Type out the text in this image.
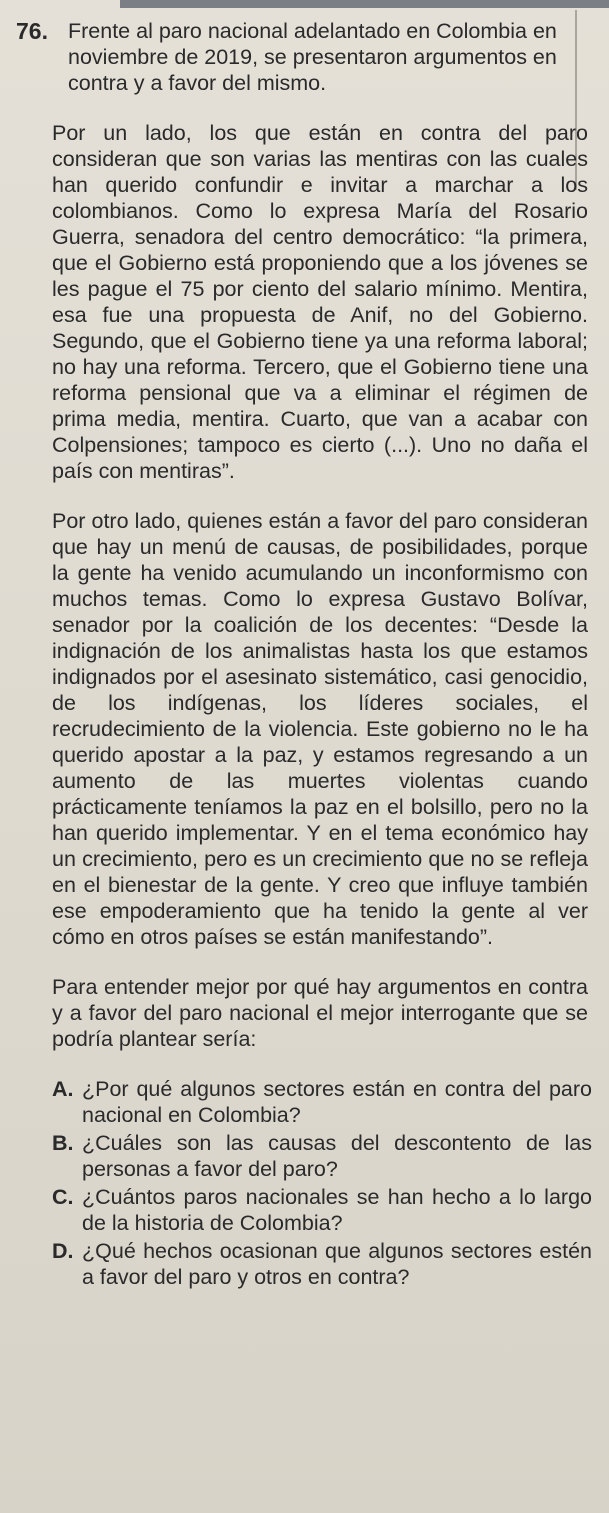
76. Frente al paro nacional adelantado en Colombia en noviembre de 2019, se presentaron argumentos en contra y a favor del mismo.

Por un lado, los que están en contra del paro consideran que son varias las mentiras con las cuales han querido confundir e invitar a marchar a los colombianos. Como lo expresa María del Rosario Guerra, senadora del centro democrático: “la primera, que el Gobierno está proponiendo que a los jóvenes se les pague el 75 por ciento del salario mínimo. Mentira, esa fue una propuesta de Anif, no del Gobierno. Segundo, que el Gobierno tiene ya una reforma laboral; no hay una reforma. Tercero, que el Gobierno tiene una reforma pensional que va a eliminar el régimen de prima media, mentira. Cuarto, que van a acabar con Colpensiones; tampoco es cierto (...). Uno no daña el país con mentiras”.

Por otro lado, quienes están a favor del paro consideran que hay un menú de causas, de posibilidades, porque la gente ha venido acumulando un inconformismo con muchos temas. Como lo expresa Gustavo Bolívar, senador por la coalición de los decentes: “Desde la indignación de los animalistas hasta los que estamos indignados por el asesinato sistemático, casi genocidio, de los indígenas, los líderes sociales, el recrudecimiento de la violencia. Este gobierno no le ha querido apostar a la paz, y estamos regresando a un aumento de las muertes violentas cuando prácticamente teníamos la paz en el bolsillo, pero no la han querido implementar. Y en el tema económico hay un crecimiento, pero es un crecimiento que no se refleja en el bienestar de la gente. Y creo que influye también ese empoderamiento que ha tenido la gente al ver cómo en otros países se están manifestando”.

Para entender mejor por qué hay argumentos en contra y a favor del paro nacional el mejor interrogante que se podría plantear sería:

A. ¿Por qué algunos sectores están en contra del paro nacional en Colombia?
B. ¿Cuáles son las causas del descontento de las personas a favor del paro?
C. ¿Cuántos paros nacionales se han hecho a lo largo de la historia de Colombia?
D. ¿Qué hechos ocasionan que algunos sectores estén a favor del paro y otros en contra?
